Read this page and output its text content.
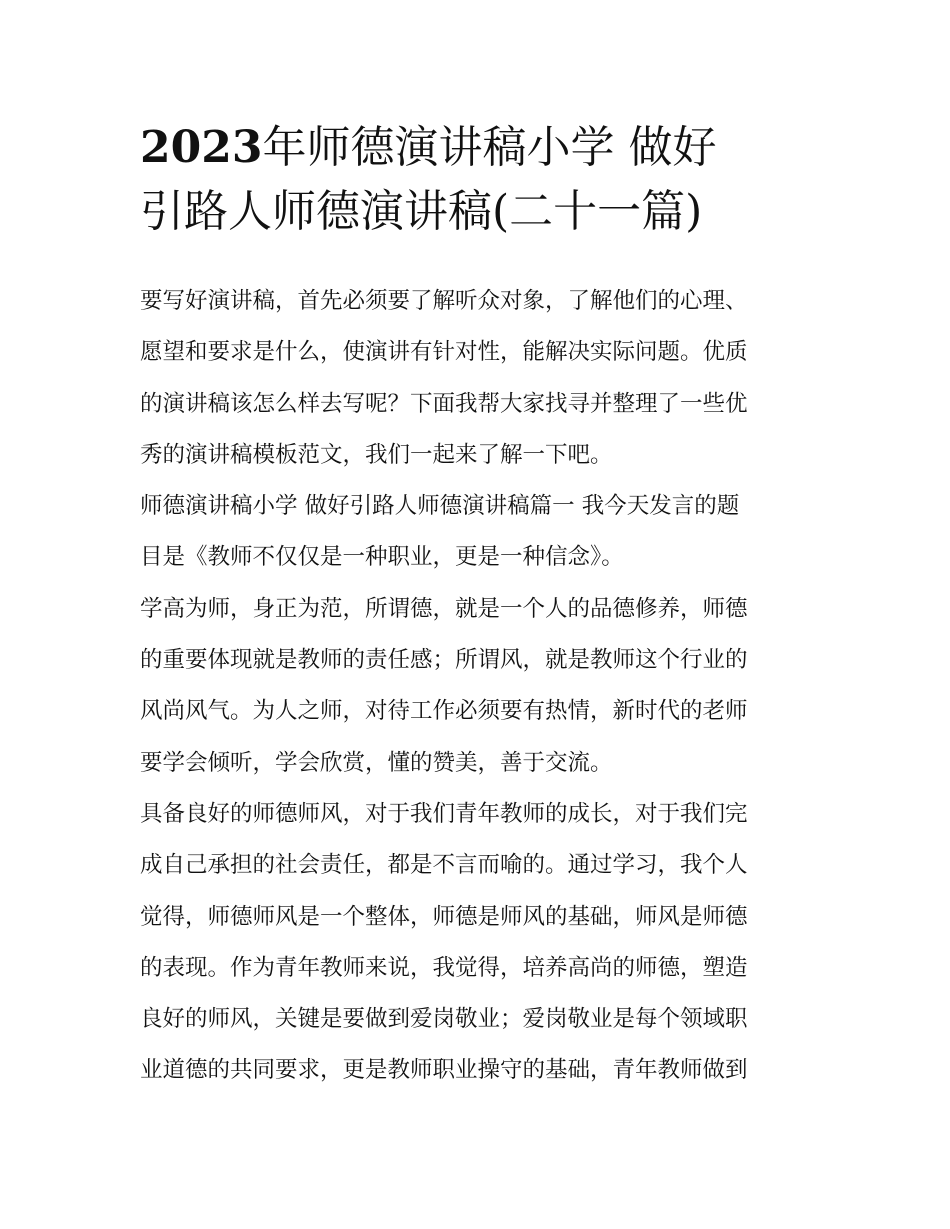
2023年师德演讲稿小学 做好
引路人师德演讲稿(二十一篇)
要写好演讲稿，首先必须要了解听众对象，了解他们的心理、
愿望和要求是什么，使演讲有针对性，能解决实际问题。优质
的演讲稿该怎么样去写呢？下面我帮大家找寻并整理了一些优
秀的演讲稿模板范文，我们一起来了解一下吧。
师德演讲稿小学 做好引路人师德演讲稿篇一 我今天发言的题
目是《教师不仅仅是一种职业，更是一种信念》。
学高为师，身正为范，所谓德，就是一个人的品德修养，师德
的重要体现就是教师的责任感；所谓风，就是教师这个行业的
风尚风气。为人之师，对待工作必须要有热情，新时代的老师
要学会倾听，学会欣赏，懂的赞美，善于交流。
具备良好的师德师风，对于我们青年教师的成长，对于我们完
成自己承担的社会责任，都是不言而喻的。通过学习，我个人
觉得，师德师风是一个整体，师德是师风的基础，师风是师德
的表现。作为青年教师来说，我觉得，培养高尚的师德，塑造
良好的师风，关键是要做到爱岗敬业；爱岗敬业是每个领域职
业道德的共同要求，更是教师职业操守的基础，青年教师做到
